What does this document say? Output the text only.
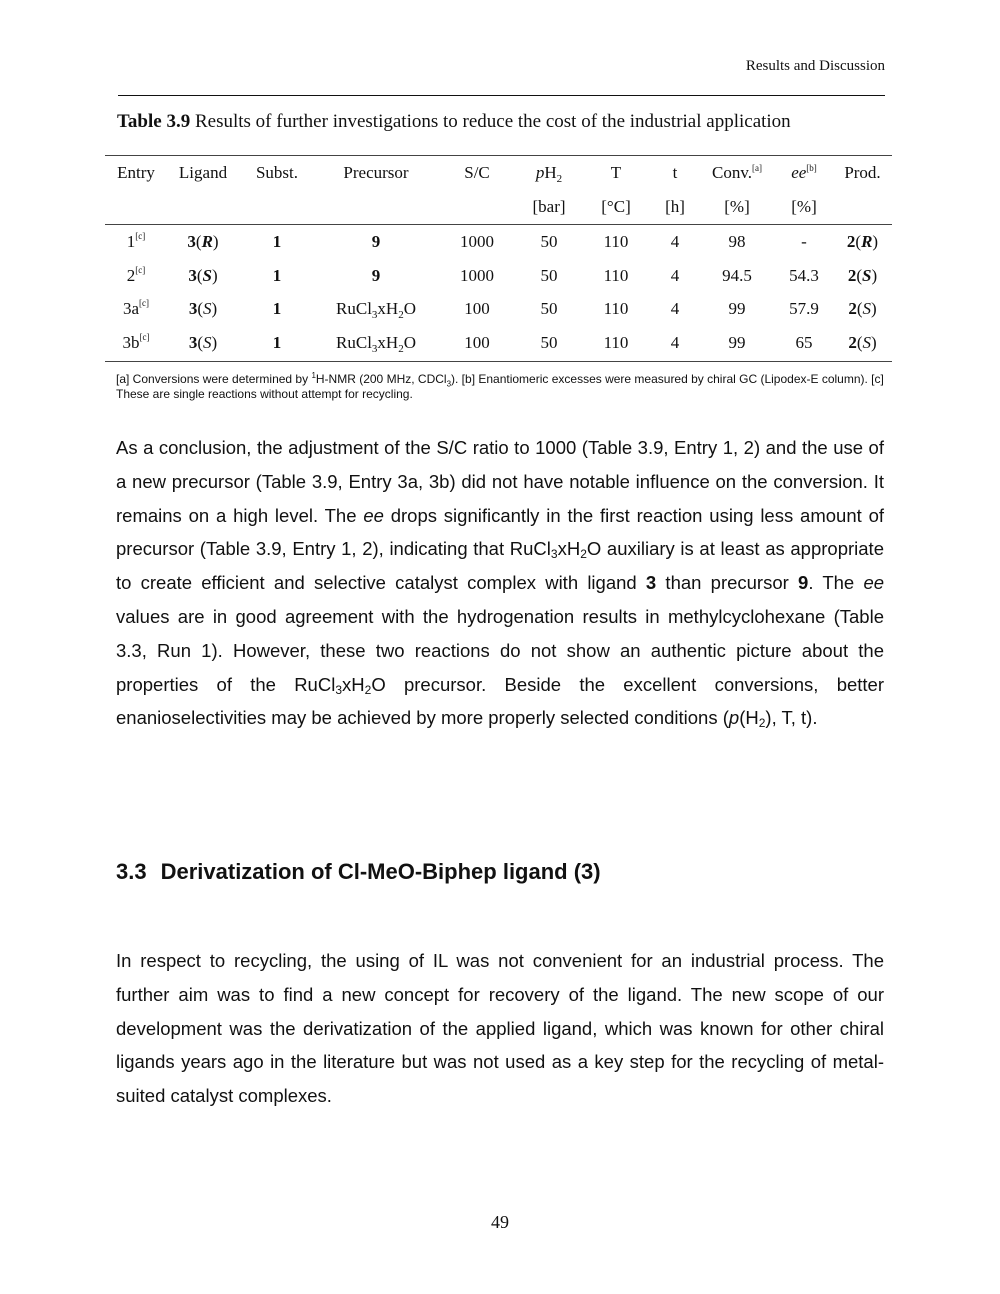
Results and Discussion
Table 3.9 Results of further investigations to reduce the cost of the industrial application
Entry	Ligand	Subst.	Precursor	S/C	$pH_2$	T	t	Conv.[a]	ee[b]	Prod.
					[bar]	[°C]	[h]	[%]	[%]	
1[c]	3(R)	1	9	1000	50	110	4	98	-	2(R)
2[c]	3(S)	1	9	1000	50	110	4	94.5	54.3	2(S)
3a[c]	3(S)	1	$RuCl_3xH_2O$	100	50	110	4	99	57.9	2(S)
3b[c]	3(S)	1	$RuCl_3xH_2O$	100	50	110	4	99	65	2(S)
[a] Conversions were determined by $^1$H-NMR (200 MHz, CDCl$_3$). [b] Enantiomeric excesses were measured by chiral GC (Lipodex-E column). [c] These are single reactions without attempt for recycling.
As a conclusion, the adjustment of the S/C ratio to 1000 (Table 3.9, Entry 1, 2) and the use of a new precursor (Table 3.9, Entry 3a, 3b) did not have notable influence on the conversion. It remains on a high level. The ee drops significantly in the first reaction using less amount of precursor (Table 3.9, Entry 1, 2), indicating that $RuCl_3xH_2O$ auxiliary is at least as appropriate to create efficient and selective catalyst complex with ligand 3 than precursor 9. The ee values are in good agreement with the hydrogenation results in methylcyclohexane (Table 3.3, Run 1). However, these two reactions do not show an authentic picture about the properties of the $RuCl_3xH_2O$ precursor. Beside the excellent conversions, better enanioselectivities may be achieved by more properly selected conditions ($p(H_2)$, T, t).
3.3 Derivatization of Cl-MeO-Biphep ligand (3)
In respect to recycling, the using of IL was not convenient for an industrial process. The further aim was to find a new concept for recovery of the ligand. The new scope of our development was the derivatization of the applied ligand, which was known for other chiral ligands years ago in the literature but was not used as a key step for the recycling of metal-suited catalyst complexes.
49
